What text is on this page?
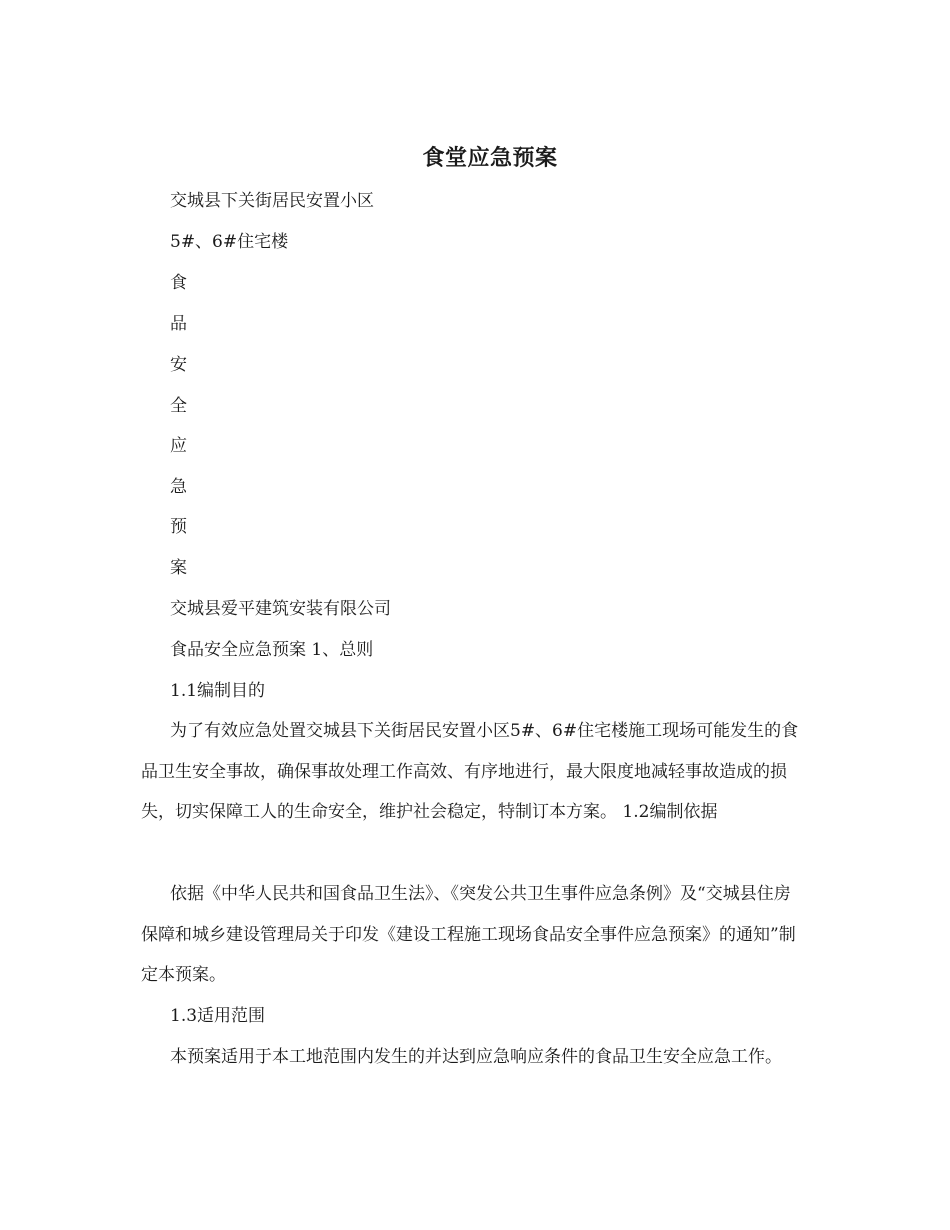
食堂应急预案
交城县下关街居民安置小区
5#、6#住宅楼
食
品
安
全
应
急
预
案
交城县爱平建筑安装有限公司
食品安全应急预案 1、总则
1.1编制目的
为了有效应急处置交城县下关街居民安置小区5#、6#住宅楼施工现场可能发生的食品卫生安全事故，确保事故处理工作高效、有序地进行，最大限度地减轻事故造成的损失，切实保障工人的生命安全，维护社会稳定，特制订本方案。 1.2编制依据
依据《中华人民共和国食品卫生法》、《突发公共卫生事件应急条例》及“交城县住房保障和城乡建设管理局关于印发《建设工程施工现场食品安全事件应急预案》的通知”制定本预案。
1.3适用范围
本预案适用于本工地范围内发生的并达到应急响应条件的食品卫生安全应急工作。
